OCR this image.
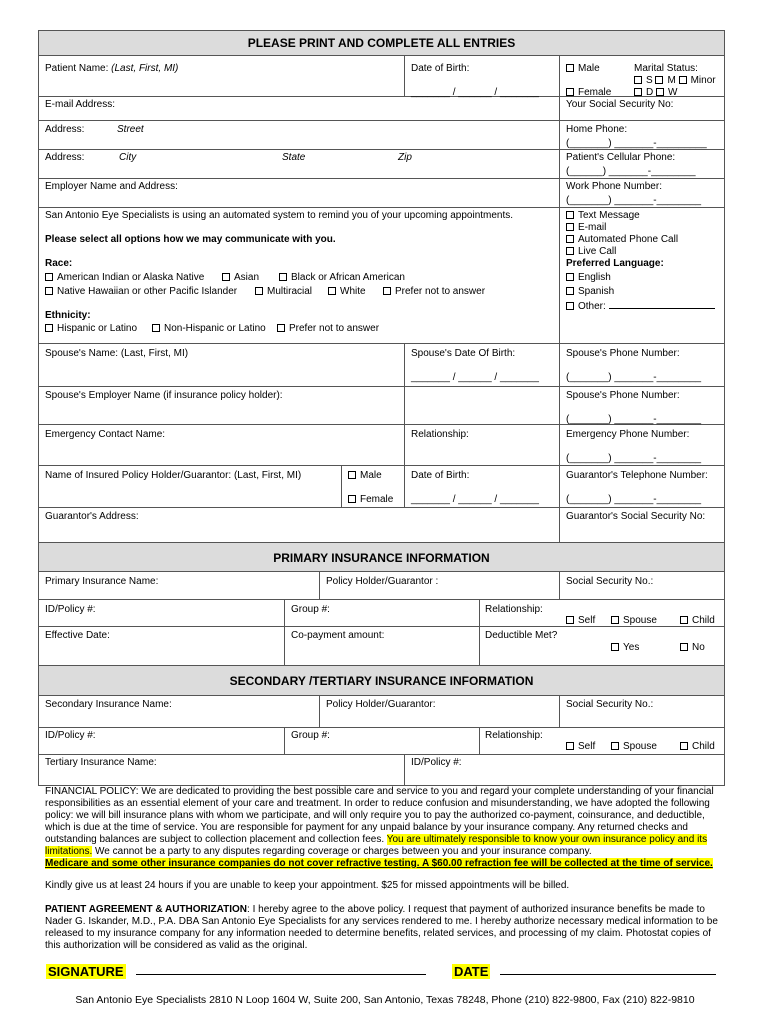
PLEASE PRINT AND COMPLETE ALL ENTRIES
Patient Name: (Last, First, MI)	Date of Birth:
_______ / ______ / _______
Male
Female
Marital Status:
S M Minor
D W
E-mail Address:	Your Social Security No:
Address:	Street	Home Phone:
(_______) _______-_________
Address:	City	State	Zip	Patient's Cellular Phone:
(______) _______-________
Employer Name and Address:	Work Phone Number:
(_______) _______-________
San Antonio Eye Specialists is using an automated system to remind you of your upcoming appointments.
Please select all options how we may communicate with you.
Text Message
E-mail
Automated Phone Call
Live Call
Race:
American Indian or Alaska Native	Asian	Black or African American
Native Hawaiian or other Pacific Islander	Multiracial	White	Prefer not to answer
Preferred Language:
English
Spanish
Other:
Ethnicity:
Hispanic or Latino	Non-Hispanic or Latino	Prefer not to answer
Spouse's Name: (Last, First, MI)	Spouse's Date Of Birth:
_______ / ______ / _______
Spouse's Phone Number:
(_______) _______-________
Spouse's Employer Name (if insurance policy holder):	Spouse's Phone Number:
(_______) _______-________
Emergency Contact Name:	Relationship:	Emergency Phone Number:
(_______) _______-________
Name of Insured Policy Holder/Guarantor: (Last, First, MI)	Male
Female
Date of Birth:
_______ / ______ / _______
Guarantor's Telephone Number:
(_______) _______-________
Guarantor's Address:	Guarantor's Social Security No:
PRIMARY INSURANCE INFORMATION
Primary Insurance Name:	Policy Holder/Guarantor :	Social Security No.:
ID/Policy #:	Group #:	Relationship:
Self	Spouse	Child
Effective Date:	Co-payment amount:	Deductible Met?
Yes	No
SECONDARY /TERTIARY INSURANCE INFORMATION
Secondary Insurance Name:	Policy Holder/Guarantor:	Social Security No.:
ID/Policy #:	Group #:	Relationship:
Self	Spouse	Child
Tertiary Insurance Name:	ID/Policy #:
FINANCIAL POLICY: We are dedicated to providing the best possible care and service to you and regard your complete understanding of your financial responsibilities as an essential element of your care and treatment. In order to reduce confusion and misunderstanding, we have adopted the following policy: we will bill insurance plans with whom we participate, and will only require you to pay the authorized co-payment, coinsurance, and deductible, which is due at the time of service. You are responsible for payment for any unpaid balance by your insurance company. Any returned checks and outstanding balances are subject to collection placement and collection fees. You are ultimately responsible to know your own insurance policy and its limitations. We cannot be a party to any disputes regarding coverage or charges between you and your insurance company.
Medicare and some other insurance companies do not cover refractive testing. A $60.00 refraction fee will be collected at the time of service.
Kindly give us at least 24 hours if you are unable to keep your appointment. $25 for missed appointments will be billed.
PATIENT AGREEMENT & AUTHORIZATION: I hereby agree to the above policy. I request that payment of authorized insurance benefits be made to Nader G. Iskander, M.D., P.A. DBA San Antonio Eye Specialists for any services rendered to me. I hereby authorize necessary medical information to be released to my insurance company for any information needed to determine benefits, related services, and processing of my claim. Photostat copies of this authorization will be considered as valid as the original.
SIGNATURE	DATE
San Antonio Eye Specialists 2810 N Loop 1604 W, Suite 200, San Antonio, Texas 78248, Phone (210) 822-9800, Fax (210) 822-9810
